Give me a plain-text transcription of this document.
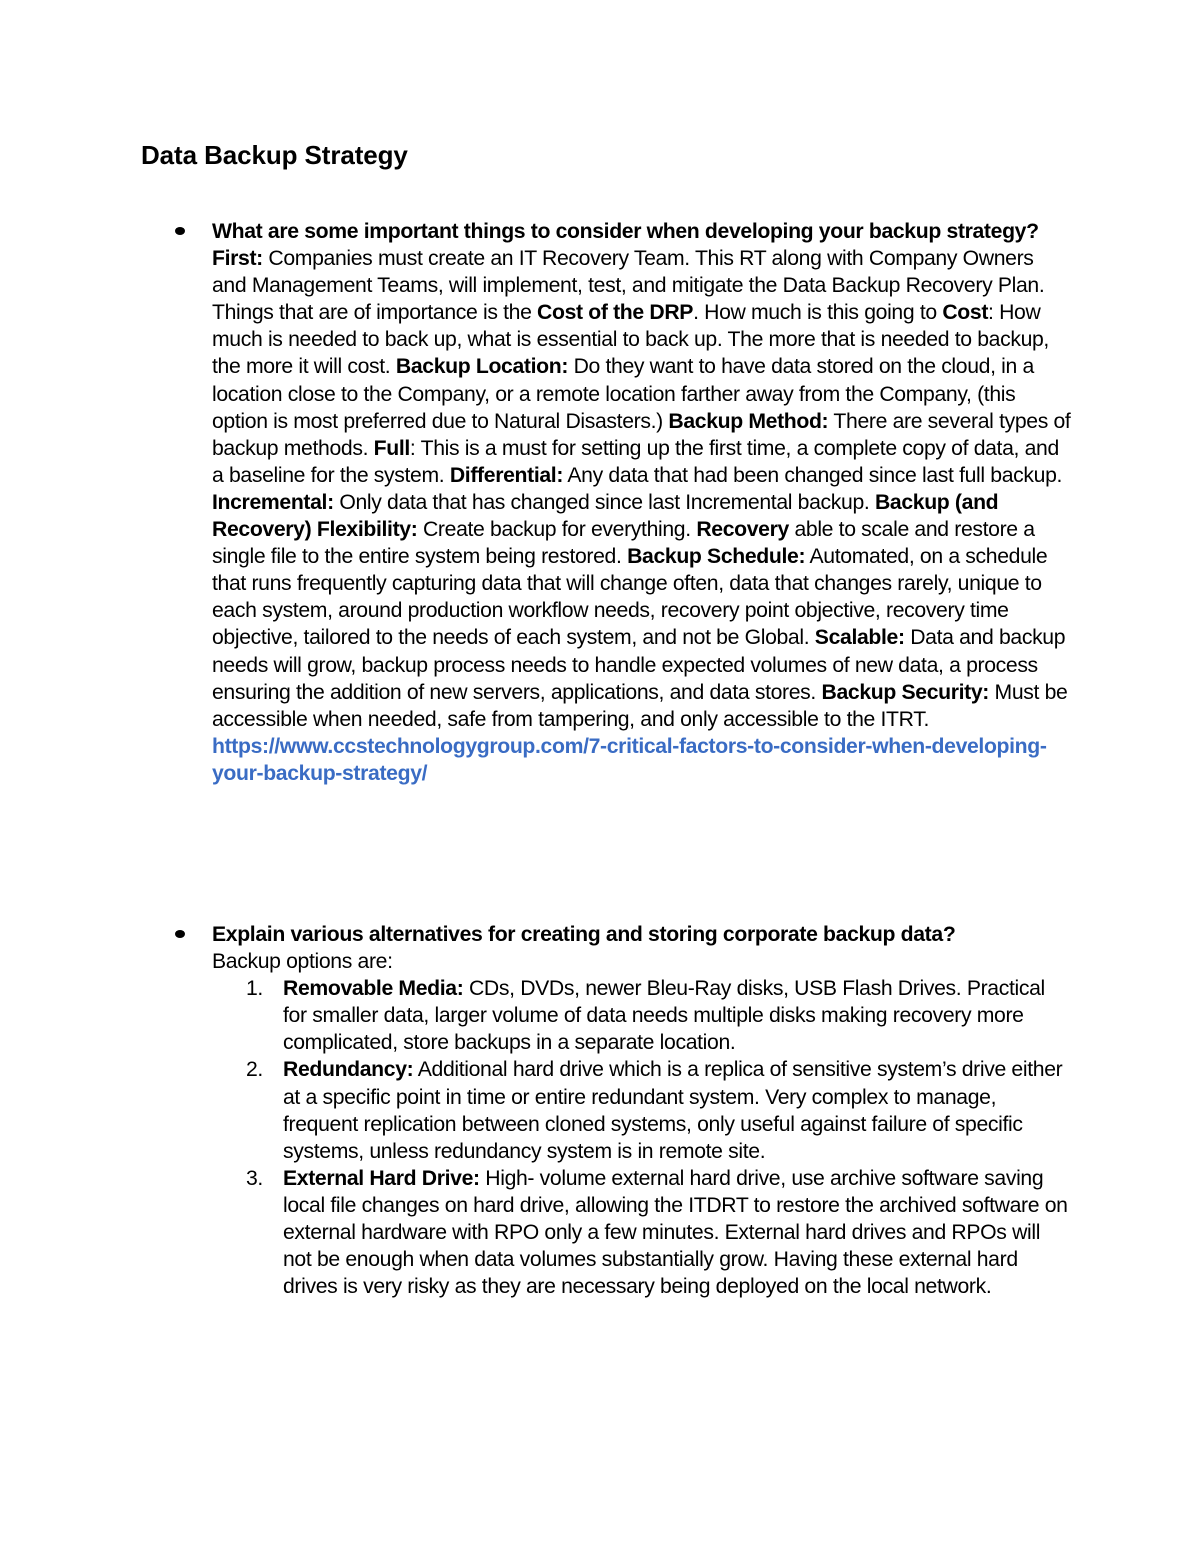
Data Backup Strategy
What are some important things to consider when developing your backup strategy?
First: Companies must create an IT Recovery Team. This RT along with Company Owners and Management Teams, will implement, test, and mitigate the Data Backup Recovery Plan. Things that are of importance is the Cost of the DRP. How much is this going to Cost: How much is needed to back up, what is essential to back up. The more that is needed to backup, the more it will cost. Backup Location: Do they want to have data stored on the cloud, in a location close to the Company, or a remote location farther away from the Company, (this option is most preferred due to Natural Disasters.) Backup Method: There are several types of backup methods. Full: This is a must for setting up the first time, a complete copy of data, and a baseline for the system. Differential: Any data that had been changed since last full backup. Incremental: Only data that has changed since last Incremental backup. Backup (and Recovery) Flexibility: Create backup for everything. Recovery able to scale and restore a single file to the entire system being restored. Backup Schedule: Automated, on a schedule that runs frequently capturing data that will change often, data that changes rarely, unique to each system, around production workflow needs, recovery point objective, recovery time objective, tailored to the needs of each system, and not be Global. Scalable: Data and backup needs will grow, backup process needs to handle expected volumes of new data, a process ensuring the addition of new servers, applications, and data stores. Backup Security: Must be accessible when needed, safe from tampering, and only accessible to the ITRT.
https://www.ccstechnologygroup.com/7-critical-factors-to-consider-when-developing-your-backup-strategy/
Explain various alternatives for creating and storing corporate backup data?
Backup options are:
1. Removable Media: CDs, DVDs, newer Bleu-Ray disks, USB Flash Drives. Practical for smaller data, larger volume of data needs multiple disks making recovery more complicated, store backups in a separate location.
2. Redundancy: Additional hard drive which is a replica of sensitive system’s drive either at a specific point in time or entire redundant system. Very complex to manage, frequent replication between cloned systems, only useful against failure of specific systems, unless redundancy system is in remote site.
3. External Hard Drive: High- volume external hard drive, use archive software saving local file changes on hard drive, allowing the ITDRT to restore the archived software on external hardware with RPO only a few minutes. External hard drives and RPOs will not be enough when data volumes substantially grow. Having these external hard drives is very risky as they are necessary being deployed on the local network.
